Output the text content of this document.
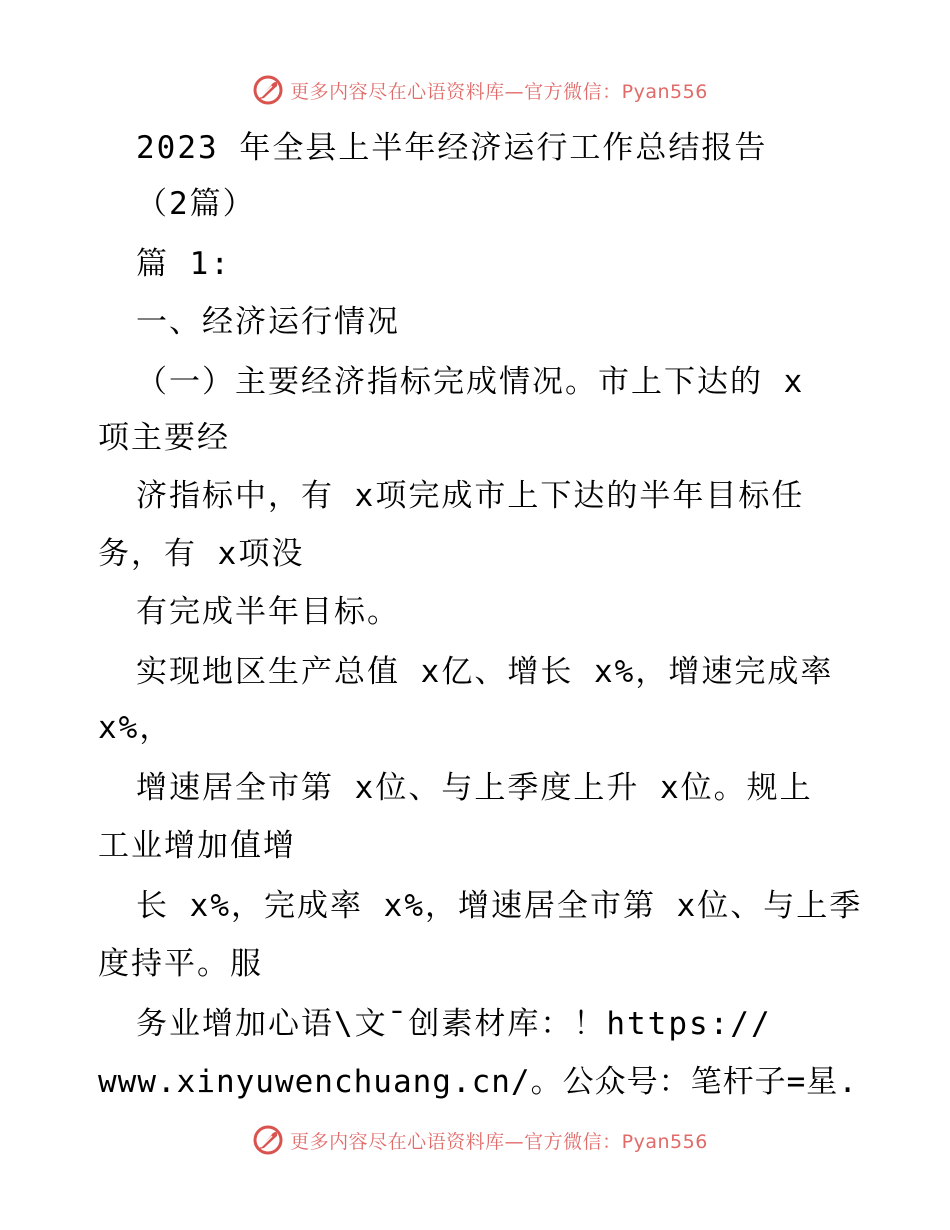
更多内容尽在心语资料库—官方微信：Pyan556
2023 年全县上半年经济运行工作总结报告
（2篇）
篇 1:
一、经济运行情况
（一）主要经济指标完成情况。市上下达的 x
项主要经
济指标中，有 x项完成市上下达的半年目标任
务，有 x项没
有完成半年目标。
实现地区生产总值 x亿、增长 x%，增速完成率
x%，
增速居全市第 x位、与上季度上升 x位。规上
工业增加值增
长 x%，完成率 x%，增速居全市第 x位、与上季
度持平。服
务业增加心语\文¯创素材库：！https://
www.xinyuwenchuang.cn/。公众号：笔杆子=星.
更多内容尽在心语资料库—官方微信：Pyan556
